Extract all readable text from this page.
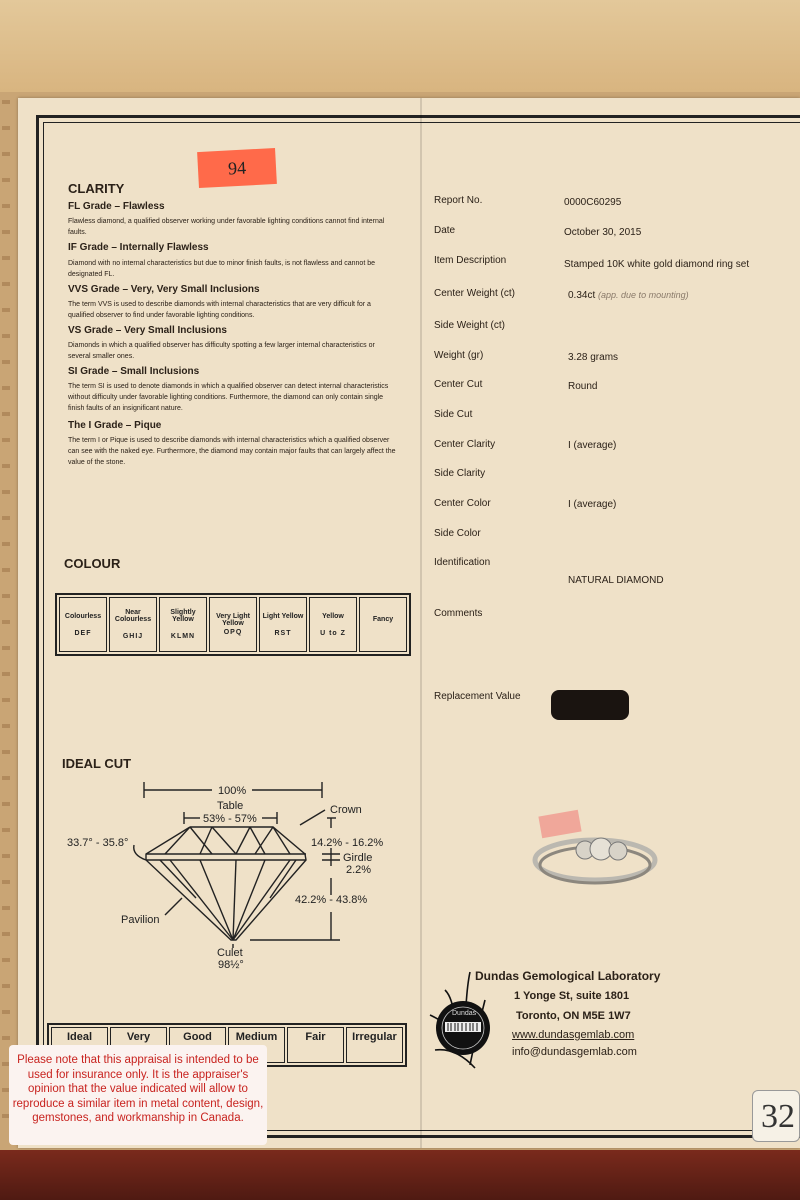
94
CLARITY
FL Grade – Flawless
Flawless diamond, a qualified observer working under favorable lighting conditions cannot find internal faults.
IF Grade – Internally Flawless
Diamond with no internal characteristics but due to minor finish faults, is not flawless and cannot be designated FL.
VVS Grade – Very, Very Small Inclusions
The term VVS is used to describe diamonds with internal characteristics that are very difficult for a qualified observer to find under favorable lighting conditions.
VS Grade – Very Small Inclusions
Diamonds in which a qualified observer has difficulty spotting a few larger internal characteristics or several smaller ones.
SI Grade – Small Inclusions
The term SI is used to denote diamonds in which a qualified observer can detect internal characteristics without difficulty under favorable lighting conditions. Furthermore, the diamond can only contain single finish faults of an insignificant nature.
The I Grade – Pique
The term I or Pique is used to describe diamonds with internal characteristics which a qualified observer can see with the naked eye. Furthermore, the diamond may contain major faults that can largely affect the value of the stone.
COLOUR
Colourless
DEF

Near Colourless
GHIJ

Slightly Yellow
KLMN

Very Light Yellow
OPQ

Light Yellow
RST

Yellow
U to Z

Fancy
IDEAL CUT
100%
Table
53% - 57%
Crown
33.7° - 35.8°	14.2% - 16.2%
Girdle
2.2%
42.2% - 43.8%
Pavilion
Culet
98½°
Ideal	Very	Good	Medium	Fair	Irregular
Please note that this appraisal is intended to be used for insurance only. It is the appraiser's opinion that the value indicated will allow to reproduce a similar item in metal content, design, gemstones, and workmanship in Canada.
Report No.	0000C60295
Date	October 30, 2015
Item Description	Stamped 10K white gold diamond ring set
Center Weight (ct)	0.34ct (app. due to mounting)
Side Weight (ct)
Weight (gr)	3.28 grams
Center Cut	Round
Side Cut
Center Clarity	I (average)
Side Clarity
Center Color	I (average)
Side Color
Identification
NATURAL DIAMOND
Comments
Replacement Value
Dundas
Dundas Gemological Laboratory
1 Yonge St, suite 1801
Toronto, ON M5E 1W7
www.dundasgemlab.com
info@dundasgemlab.com
32
